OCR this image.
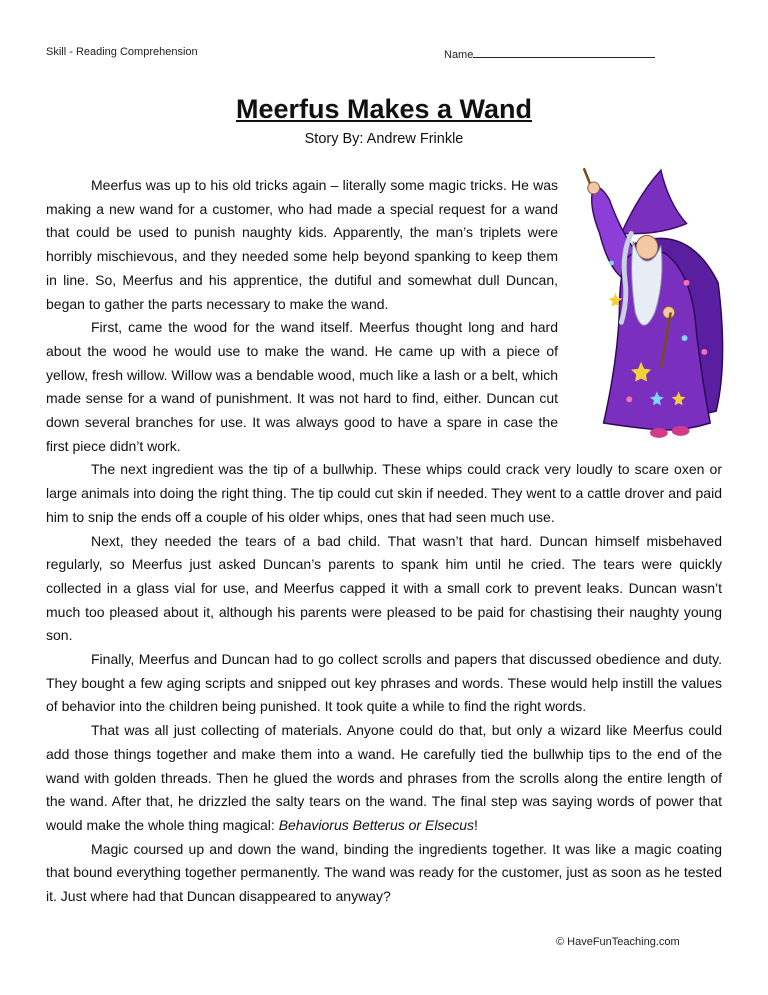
Skill - Reading Comprehension	Name
Meerfus Makes a Wand
Story By: Andrew Frinkle

Meerfus was up to his old tricks again – literally some magic tricks. He was making a new wand for a customer, who had made a special request for a wand that could be used to punish naughty kids. Apparently, the man’s triplets were horribly mischievous, and they needed some help beyond spanking to keep them in line. So, Meerfus and his apprentice, the dutiful and somewhat dull Duncan, began to gather the parts necessary to make the wand.

First, came the wood for the wand itself. Meerfus thought long and hard about the wood he would use to make the wand. He came up with a piece of yellow, fresh willow. Willow was a bendable wood, much like a lash or a belt, which made sense for a wand of punishment. It was not hard to find, either. Duncan cut down several branches for use. It was always good to have a spare in case the first piece didn’t work.

The next ingredient was the tip of a bullwhip. These whips could crack very loudly to scare oxen or large animals into doing the right thing. The tip could cut skin if needed. They went to a cattle drover and paid him to snip the ends off a couple of his older whips, ones that had seen much use.

Next, they needed the tears of a bad child. That wasn’t that hard. Duncan himself misbehaved regularly, so Meerfus just asked Duncan’s parents to spank him until he cried. The tears were quickly collected in a glass vial for use, and Meerfus capped it with a small cork to prevent leaks. Duncan wasn’t much too pleased about it, although his parents were pleased to be paid for chastising their naughty young son.

Finally, Meerfus and Duncan had to go collect scrolls and papers that discussed obedience and duty. They bought a few aging scripts and snipped out key phrases and words. These would help instill the values of behavior into the children being punished. It took quite a while to find the right words.

That was all just collecting of materials. Anyone could do that, but only a wizard like Meerfus could add those things together and make them into a wand. He carefully tied the bullwhip tips to the end of the wand with golden threads. Then he glued the words and phrases from the scrolls along the entire length of the wand. After that, he drizzled the salty tears on the wand. The final step was saying words of power that would make the whole thing magical: Behaviorus Betterus or Elsecus!

Magic coursed up and down the wand, binding the ingredients together. It was like a magic coating that bound everything together permanently. The wand was ready for the customer, just as soon as he tested it. Just where had that Duncan disappeared to anyway?

© HaveFunTeaching.com
